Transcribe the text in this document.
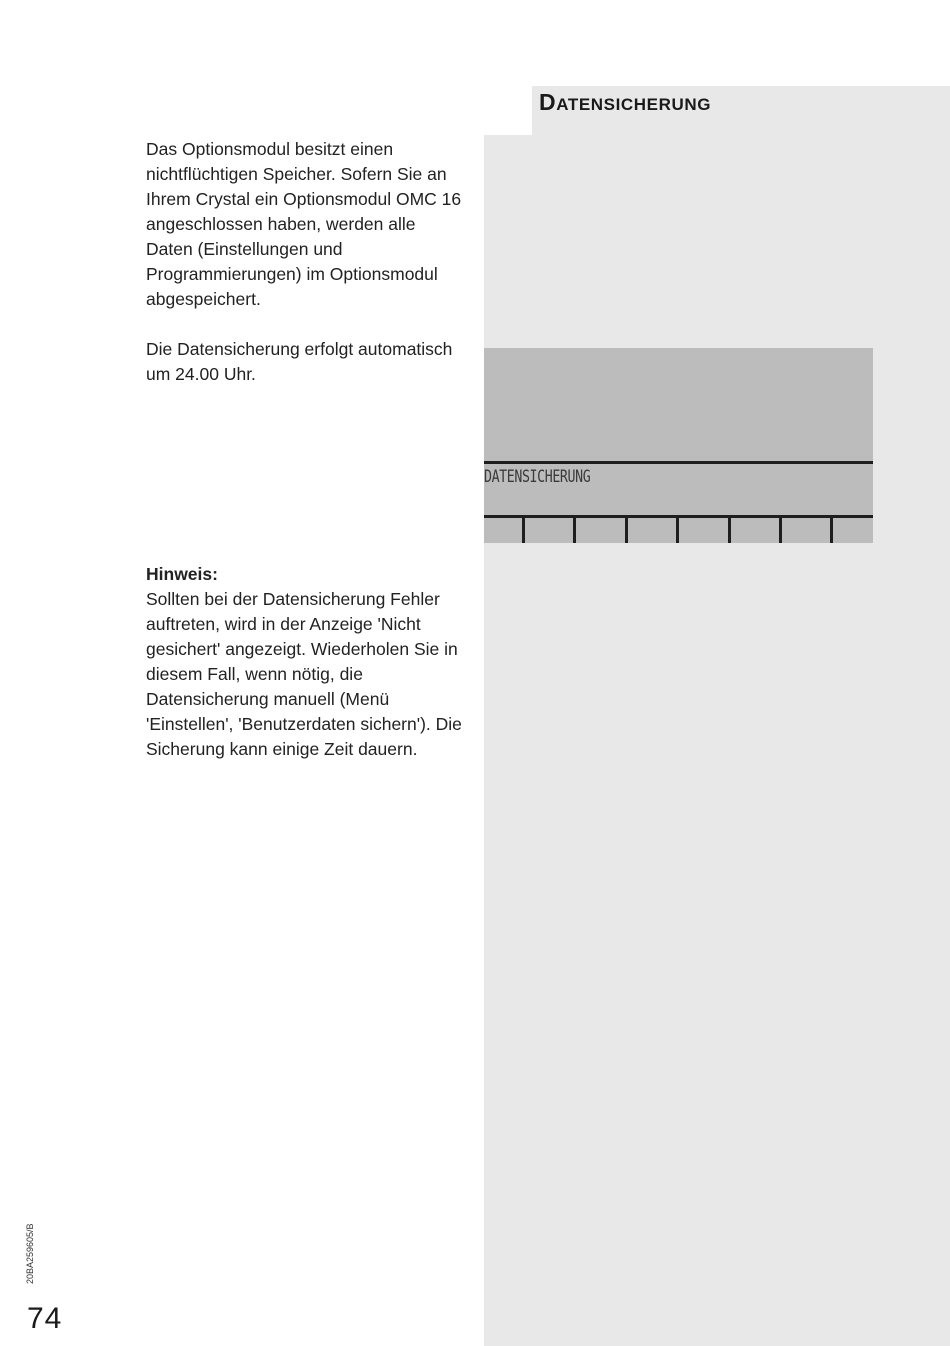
DATENSICHERUNG
Das Optionsmodul besitzt einen nichtflüchtigen Speicher. Sofern Sie an Ihrem Crystal ein Optionsmodul OMC 16 angeschlossen haben, werden alle Daten (Einstellungen und Programmierungen) im Optionsmodul abgespeichert.
Die Datensicherung erfolgt automatisch um 24.00 Uhr.
Hinweis:
Sollten bei der Datensicherung Fehler auftreten, wird in der Anzeige 'Nicht gesichert' angezeigt. Wiederholen Sie in diesem Fall, wenn nötig, die Datensicherung manuell (Menü 'Einstellen', 'Benutzerdaten sichern'). Die Sicherung kann einige Zeit dauern.
DATENSICHERUNG
20BA259605/B
74
